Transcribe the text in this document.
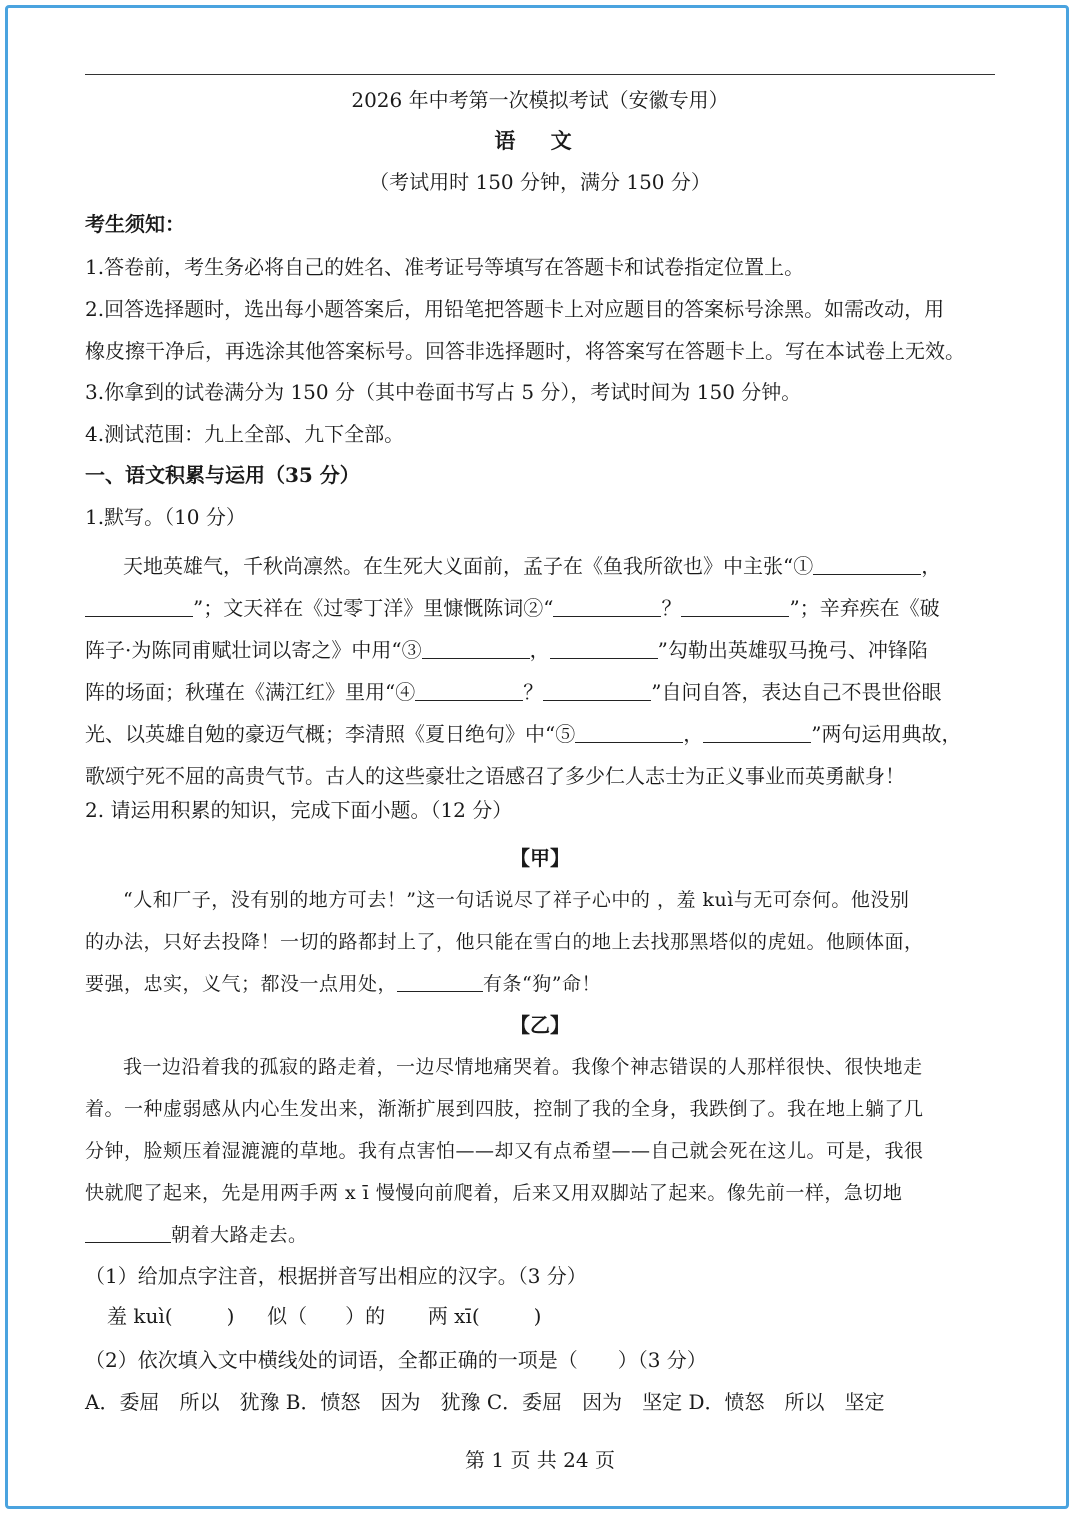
2026 年中考第一次模拟考试（安徽专用）
语 文
（考试用时 150 分钟，满分 150 分）
考生须知：
1.答卷前，考生务必将自己的姓名、准考证号等填写在答题卡和试卷指定位置上。
2.回答选择题时，选出每小题答案后，用铅笔把答题卡上对应题目的答案标号涂黑。如需改动，用
橡皮擦干净后，再选涂其他答案标号。回答非选择题时，将答案写在答题卡上。写在本试卷上无效。
3.你拿到的试卷满分为 150 分（其中卷面书写占 5 分），考试时间为 150 分钟。
4.测试范围：九上全部、九下全部。
一、语文积累与运用（35 分）
1.默写。（10 分）
天地英雄气，千秋尚凛然。在生死大义面前，孟子在《鱼我所欲也》中主张“①	，
”；文天祥在《过零丁洋》里慷慨陈词②“	？	”；辛弃疾在《破
阵子·为陈同甫赋壮词以寄之》中用“③	，	”勾勒出英雄驭马挽弓、冲锋陷
阵的场面；秋瑾在《满江红》里用“④	？	”自问自答，表达自己不畏世俗眼
光、以英雄自勉的豪迈气概；李清照《夏日绝句》中“⑤	，	”两句运用典故，
歌颂宁死不屈的高贵气节。古人的这些豪壮之语感召了多少仁人志士为正义事业而英勇献身！
2. 请运用积累的知识，完成下面小题。（12 分）
【甲】
“人和厂子，没有别的地方可去！”这一句话说尽了祥子心中的 ，羞 kuì与无可奈何。他没别
的办法，只好去投降！一切的路都封上了，他只能在雪白的地上去找那黑塔似的虎妞。他顾体面，
要强，忠实，义气；都没一点用处，	有条“狗”命！
【乙】
我一边沿着我的孤寂的路走着，一边尽情地痛哭着。我像个神志错误的人那样很快、很快地走
着。一种虚弱感从内心生发出来，渐渐扩展到四肢，控制了我的全身，我跌倒了。我在地上躺了几
分钟，脸颊压着湿漉漉的草地。我有点害怕——却又有点希望——自己就会死在这儿。可是，我很
快就爬了起来，先是用两手两 x ī 慢慢向前爬着，后来又用双脚站了起来。像先前一样，急切地
朝着大路走去。
（1）给加点字注音，根据拼音写出相应的汉字。（3 分）
羞 kuì(	) 似（ ）的 两 xī(	)
（2）依次填入文中横线处的词语，全都正确的一项是（　　）（3 分）
A．委屈　所以　犹豫 B．愤怒　因为　犹豫 C．委屈　因为　坚定 D．愤怒　所以　坚定
第 1 页 共 24 页
